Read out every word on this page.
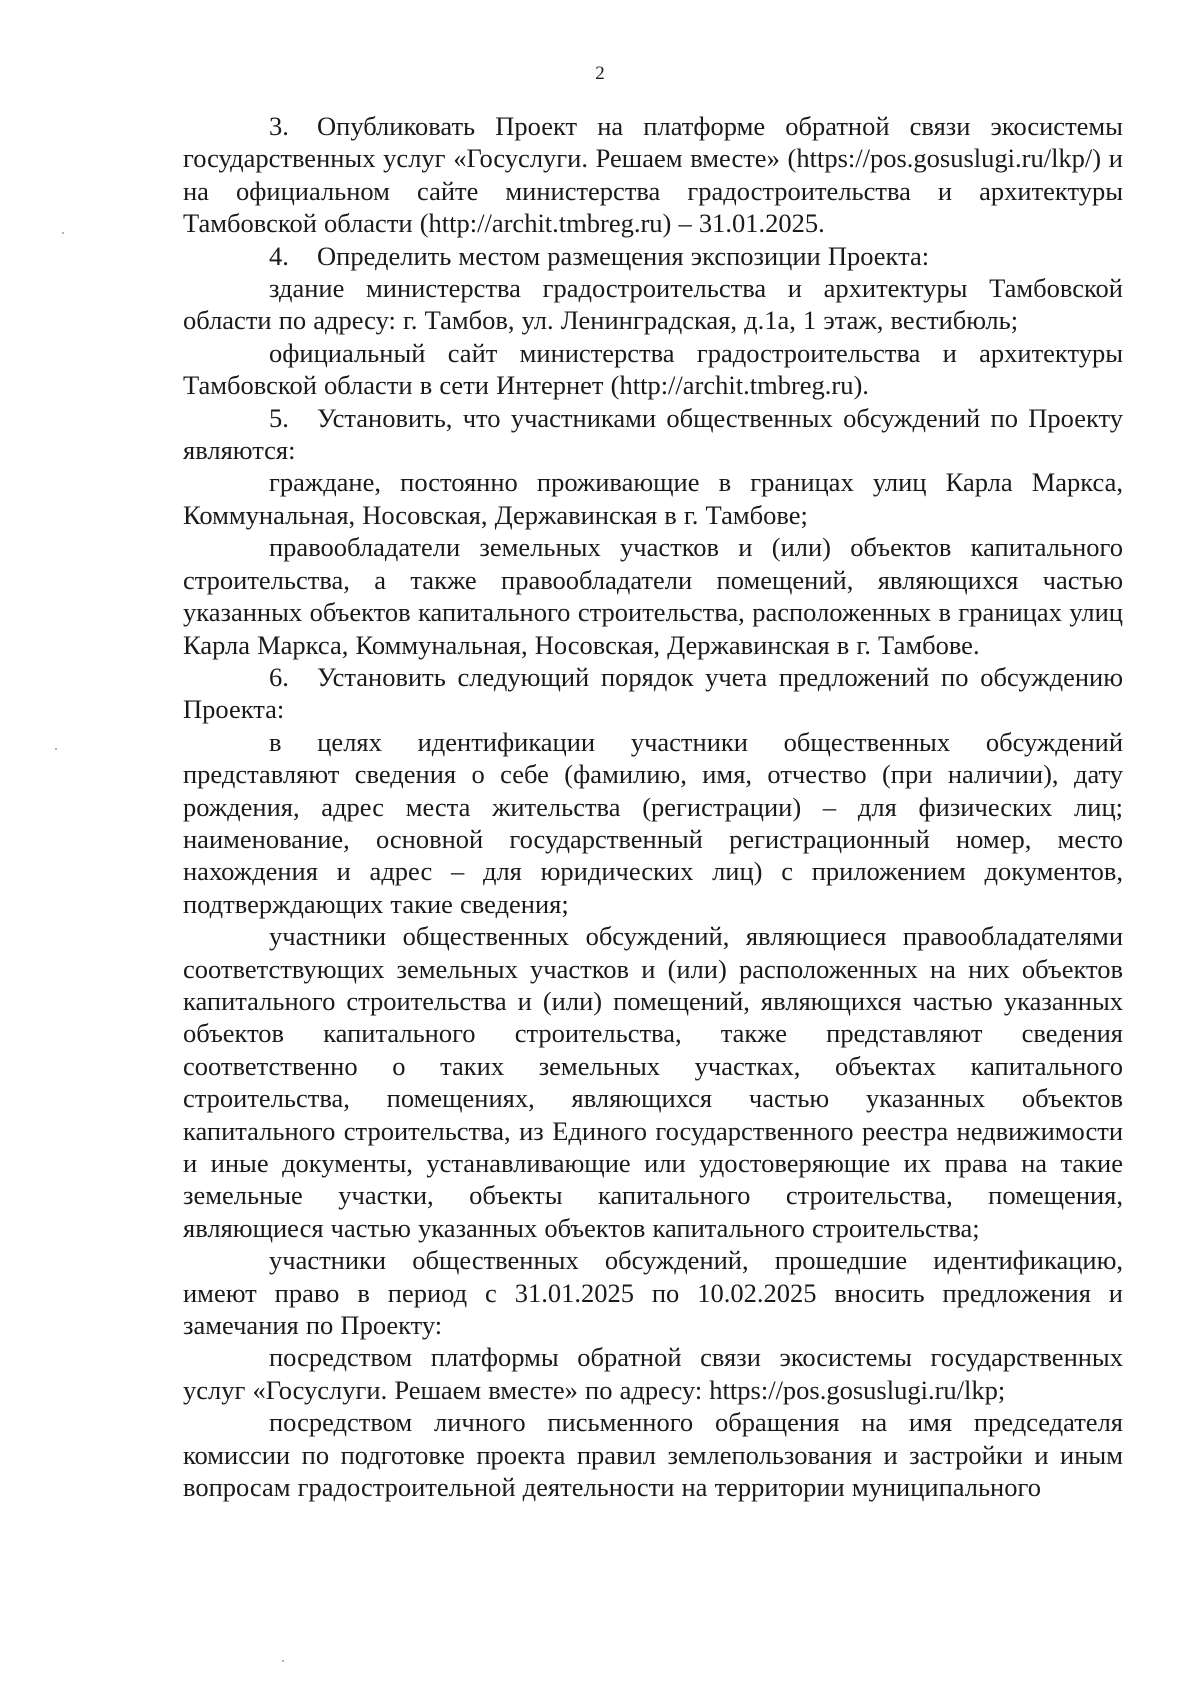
2

3. Опубликовать Проект на платформе обратной связи экосистемы государственных услуг «Госуслуги. Решаем вместе» (https://pos.gosuslugi.ru/lkp/) и на официальном сайте министерства градостроительства и архитектуры Тамбовской области (http://archit.tmbreg.ru) – 31.01.2025.

4. Определить местом размещения экспозиции Проекта:

здание министерства градостроительства и архитектуры Тамбовской области по адресу: г. Тамбов, ул. Ленинградская, д.1а, 1 этаж, вестибюль;

официальный сайт министерства градостроительства и архитектуры Тамбовской области в сети Интернет (http://archit.tmbreg.ru).

5. Установить, что участниками общественных обсуждений по Проекту являются:

граждане, постоянно проживающие в границах улиц Карла Маркса, Коммунальная, Носовская, Державинская в г. Тамбове;

правообладатели земельных участков и (или) объектов капитального строительства, а также правообладатели помещений, являющихся частью указанных объектов капитального строительства, расположенных в границах улиц Карла Маркса, Коммунальная, Носовская, Державинская в г. Тамбове.

6. Установить следующий порядок учета предложений по обсуждению Проекта:

в целях идентификации участники общественных обсуждений представляют сведения о себе (фамилию, имя, отчество (при наличии), дату рождения, адрес места жительства (регистрации) – для физических лиц; наименование, основной государственный регистрационный номер, место нахождения и адрес – для юридических лиц) с приложением документов, подтверждающих такие сведения;

участники общественных обсуждений, являющиеся правообладателями соответствующих земельных участков и (или) расположенных на них объектов капитального строительства и (или) помещений, являющихся частью указанных объектов капитального строительства, также представляют сведения соответственно о таких земельных участках, объектах капитального строительства, помещениях, являющихся частью указанных объектов капитального строительства, из Единого государственного реестра недвижимости и иные документы, устанавливающие или удостоверяющие их права на такие земельные участки, объекты капитального строительства, помещения, являющиеся частью указанных объектов капитального строительства;

участники общественных обсуждений, прошедшие идентификацию, имеют право в период с 31.01.2025 по 10.02.2025 вносить предложения и замечания по Проекту:

посредством платформы обратной связи экосистемы государственных услуг «Госуслуги. Решаем вместе» по адресу: https://pos.gosuslugi.ru/lkp;

посредством личного письменного обращения на имя председателя комиссии по подготовке проекта правил землепользования и застройки и иным вопросам градостроительной деятельности на территории муниципального
